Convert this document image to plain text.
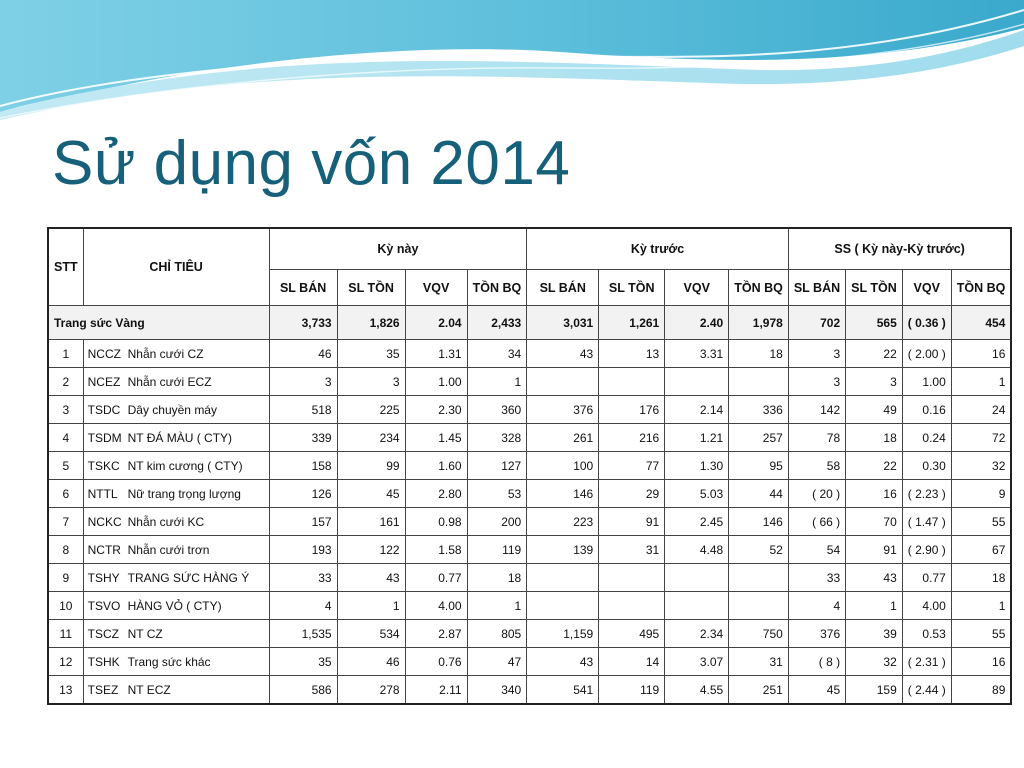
Sử dụng vốn 2014
STT	CHỈ TIÊU	Kỳ này				Kỳ trước				SS ( Kỳ này-Kỳ trước)			
		SL BÁN	SL TỒN	VQV	TỒN BQ	SL BÁN	SL TỒN	VQV	TỒN BQ	SL BÁN	SL TỒN	VQV	TỒN BQ
Trang sức Vàng		3,733	1,826	2.04	2,433	3,031	1,261	2.40	1,978	702	565	( 0.36 )	454
1	NCCZ Nhẫn cưới CZ	46	35	1.31	34	43	13	3.31	18	3	22	( 2.00 )	16
2	NCEZ Nhẫn cưới ECZ	3	3	1.00	1					3	3	1.00	1
3	TSDC Dây chuyền máy	518	225	2.30	360	376	176	2.14	336	142	49	0.16	24
4	TSDM NT ĐÁ MÀU ( CTY)	339	234	1.45	328	261	216	1.21	257	78	18	0.24	72
5	TSKC NT kim cương ( CTY)	158	99	1.60	127	100	77	1.30	95	58	22	0.30	32
6	NTTL Nữ trang trọng lượng	126	45	2.80	53	146	29	5.03	44	( 20 )	16	( 2.23 )	9
7	NCKC Nhẫn cưới KC	157	161	0.98	200	223	91	2.45	146	( 66 )	70	( 1.47 )	55
8	NCTR Nhẫn cưới trơn	193	122	1.58	119	139	31	4.48	52	54	91	( 2.90 )	67
9	TSHY TRANG SỨC HÀNG Ý	33	43	0.77	18					33	43	0.77	18
10	TSVO HÀNG VỎ ( CTY)	4	1	4.00	1					4	1	4.00	1
11	TSCZ NT CZ	1,535	534	2.87	805	1,159	495	2.34	750	376	39	0.53	55
12	TSHK Trang sức khác	35	46	0.76	47	43	14	3.07	31	( 8 )	32	( 2.31 )	16
13	TSEZ NT ECZ	586	278	2.11	340	541	119	4.55	251	45	159	( 2.44 )	89
